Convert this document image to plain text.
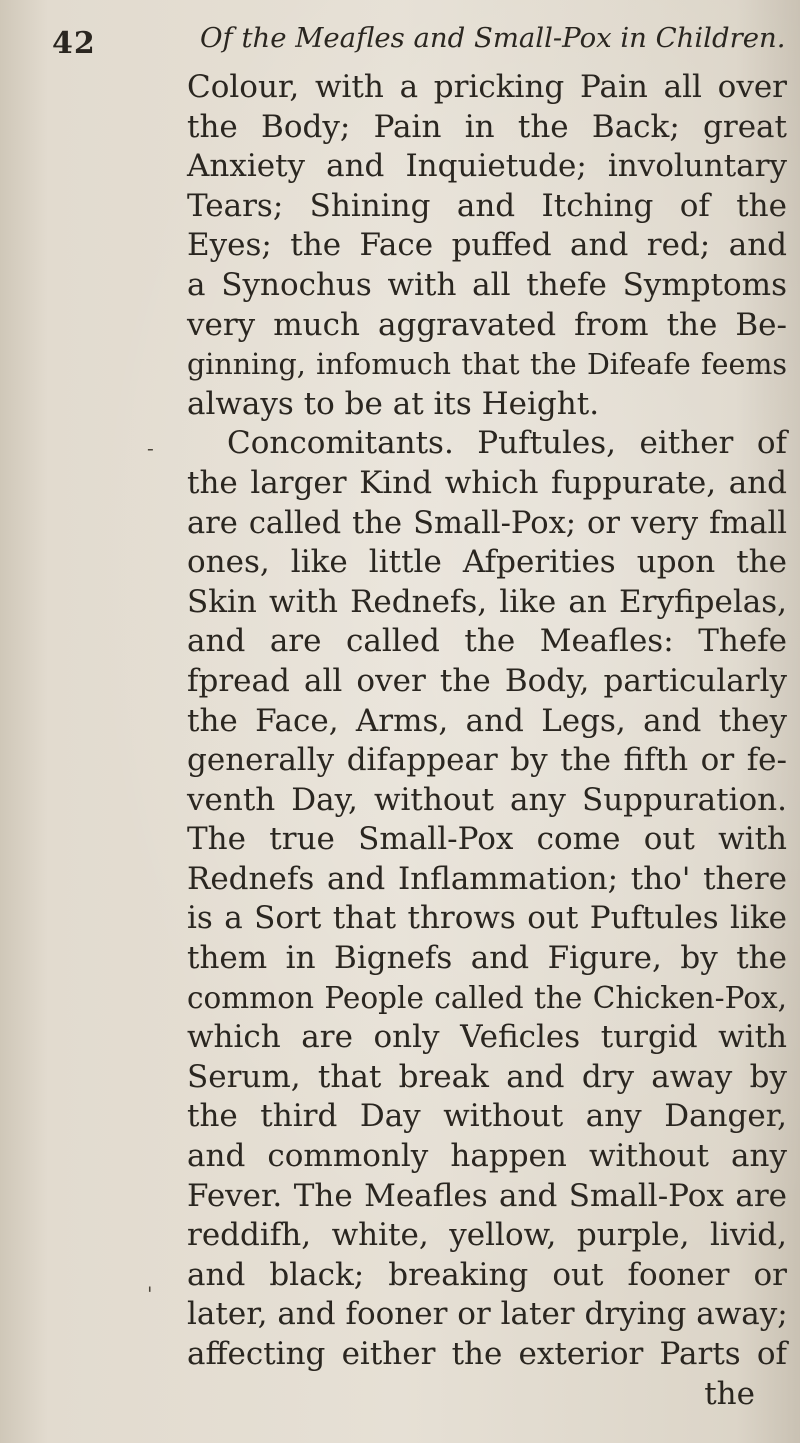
42	Of the Meafles and Small-Pox in Children.
-
'
Colour, with a pricking Pain all over
the Body; Pain in the Back; great
Anxiety and Inquietude; involuntary
Tears; Shining and Itching of the
Eyes; the Face puffed and red; and
a Synochus with all thefe Symptoms
very much aggravated from the Be-
ginning, infomuch that the Difeafe feems
always to be at its Height.
Concomitants. Puftules, either of
the larger Kind which fuppurate, and
are called the Small-Pox; or very fmall
ones, like little Afperities upon the
Skin with Rednefs, like an Eryfipelas,
and are called the Meafles: Thefe
fpread all over the Body, particularly
the Face, Arms, and Legs, and they
generally difappear by the fifth or fe-
venth Day, without any Suppuration.
The true Small-Pox come out with
Rednefs and Inflammation; tho' there
is a Sort that throws out Puftules like
them in Bignefs and Figure, by the
common People called the Chicken-Pox,
which are only Veficles turgid with
Serum, that break and dry away by
the third Day without any Danger,
and commonly happen without any
Fever. The Meafles and Small-Pox are
reddifh, white, yellow, purple, livid,
and black; breaking out fooner or
later, and fooner or later drying away;
affecting either the exterior Parts of
the
